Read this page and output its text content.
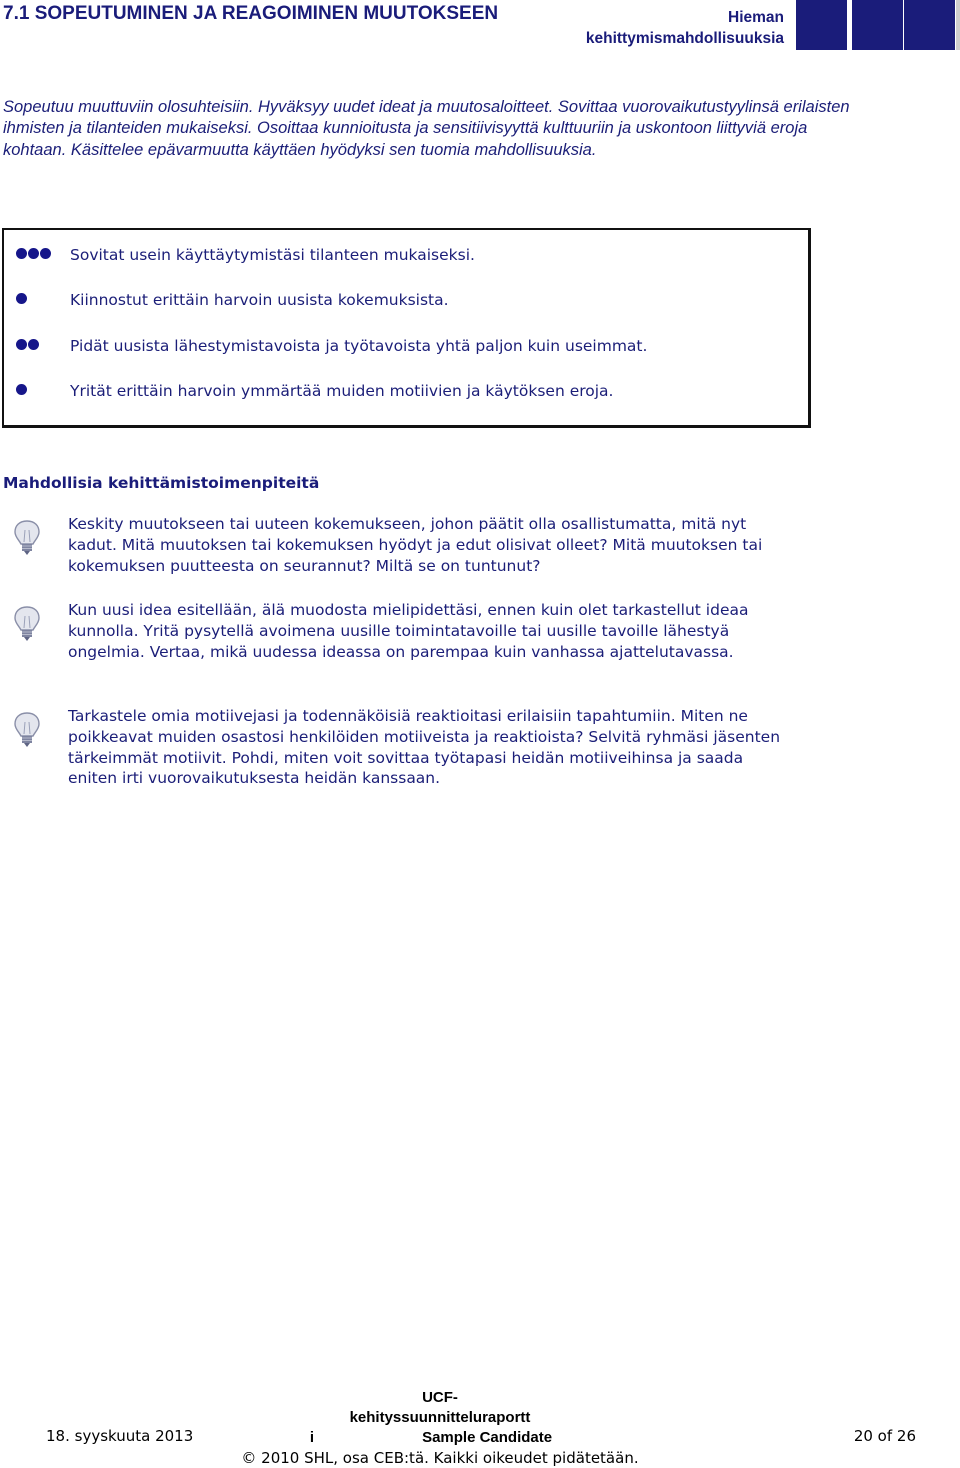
7.1 SOPEUTUMINEN JA REAGOIMINEN MUUTOKSEEN	Hieman
kehittymismahdollisuuksia
Sopeutuu muuttuviin olosuhteisiin. Hyväksyy uudet ideat ja muutosaloitteet. Sovittaa vuorovaikutustyylinsä erilaisten ihmisten ja tilanteiden mukaiseksi. Osoittaa kunnioitusta ja sensitiivisyyttä kulttuuriin ja uskontoon liittyviä eroja kohtaan. Käsittelee epävarmuutta käyttäen hyödyksi sen tuomia mahdollisuuksia.
Sovitat usein käyttäytymistäsi tilanteen mukaiseksi.
Kiinnostut erittäin harvoin uusista kokemuksista.
Pidät uusista lähestymistavoista ja työtavoista yhtä paljon kuin useimmat.
Yrität erittäin harvoin ymmärtää muiden motiivien ja käytöksen eroja.
Mahdollisia kehittämistoimenpiteitä
Keskity muutokseen tai uuteen kokemukseen, johon päätit olla osallistumatta, mitä nyt kadut. Mitä muutoksen tai kokemuksen hyödyt ja edut olisivat olleet? Mitä muutoksen tai kokemuksen puutteesta on seurannut? Miltä se on tuntunut?
Kun uusi idea esitellään, älä muodosta mielipidettäsi, ennen kuin olet tarkastellut ideaa kunnolla. Yritä pysytellä avoimena uusille toimintatavoille tai uusille tavoille lähestyä ongelmia. Vertaa, mikä uudessa ideassa on parempaa kuin vanhassa ajattelutavassa.
Tarkastele omia motiivejasi ja todennäköisiä reaktioitasi erilaisiin tapahtumiin. Miten ne poikkeavat muiden osastosi henkilöiden motiiveista ja reaktioista? Selvitä ryhmäsi jäsenten tärkeimmät motiivit. Pohdi, miten voit sovittaa työtapasi heidän motiiveihinsa ja saada eniten irti vuorovaikutuksesta heidän kanssaan.
18. syyskuuta 2013
UCF-
kehityssuunnitteluraportt
i	Sample Candidate
© 2010 SHL, osa CEB:tä. Kaikki oikeudet pidätetään.
20 of 26
